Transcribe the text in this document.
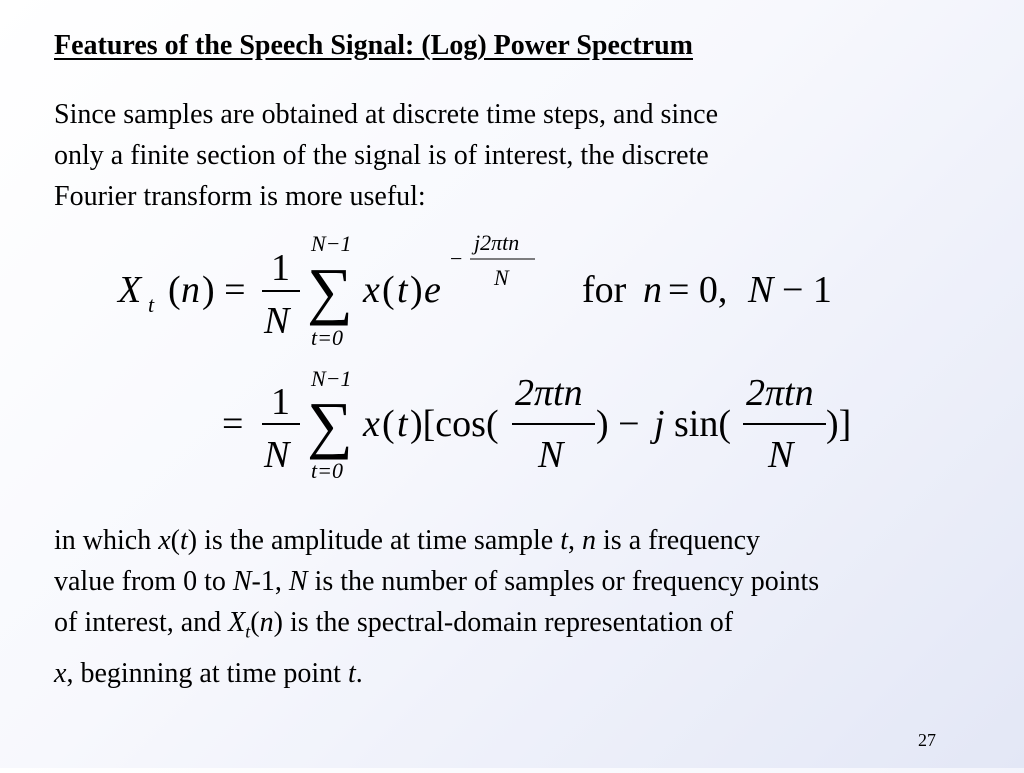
Features of the Speech Signal: (Log) Power Spectrum
Since samples are obtained at discrete time steps, and since
only a finite section of the signal is of interest, the discrete
Fourier transform is more useful:
X t ( n ) =
1
N
N−1
∑
t=0
x ( t ) e
−
j2πtn
N for n = 0, N − 1
=
1
N
N−1
∑
t=0
x ( t )[cos(
2πtn
N
) − j sin(
2πtn
N
)]
in which x(t) is the amplitude at time sample t, n is a frequency
value from 0 to N-1, N is the number of samples or frequency points
of interest, and $X_t(n)$ is the spectral-domain representation of
x, beginning at time point t.
27
